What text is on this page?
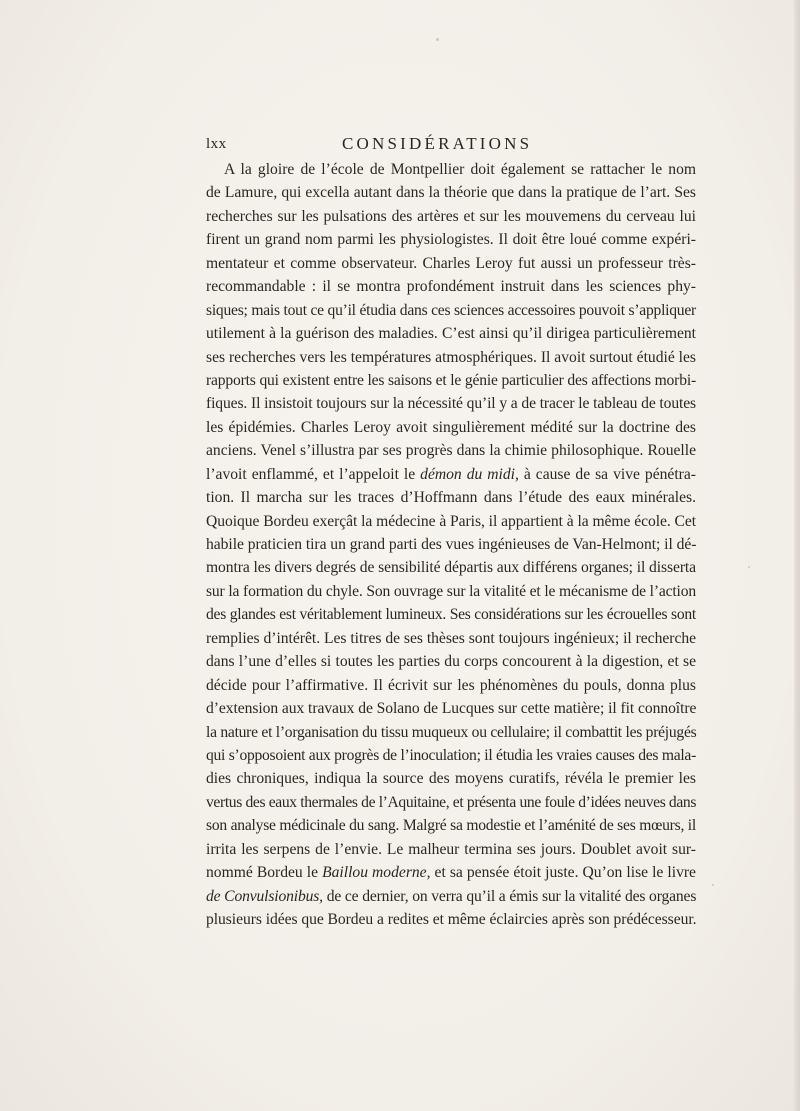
lxx	CONSIDÉRATIONS
A la gloire de l’école de Montpellier doit également se rattacher le nom
de Lamure, qui excella autant dans la théorie que dans la pratique de l’art. Ses
recherches sur les pulsations des artères et sur les mouvemens du cerveau lui
firent un grand nom parmi les physiologistes. Il doit être loué comme expéri-
mentateur et comme observateur. Charles Leroy fut aussi un professeur très-
recommandable : il se montra profondément instruit dans les sciences phy-
siques; mais tout ce qu’il étudia dans ces sciences accessoires pouvoit s’appliquer
utilement à la guérison des maladies. C’est ainsi qu’il dirigea particulièrement
ses recherches vers les températures atmosphériques. Il avoit surtout étudié les
rapports qui existent entre les saisons et le génie particulier des affections morbi-
fiques. Il insistoit toujours sur la nécessité qu’il y a de tracer le tableau de toutes
les épidémies. Charles Leroy avoit singulièrement médité sur la doctrine des
anciens. Venel s’illustra par ses progrès dans la chimie philosophique. Rouelle
l’avoit enflammé, et l’appeloit le démon du midi, à cause de sa vive pénétra-
tion. Il marcha sur les traces d’Hoffmann dans l’étude des eaux minérales.
Quoique Bordeu exerçât la médecine à Paris, il appartient à la même école. Cet
habile praticien tira un grand parti des vues ingénieuses de Van-Helmont; il dé-
montra les divers degrés de sensibilité départis aux différens organes; il disserta
sur la formation du chyle. Son ouvrage sur la vitalité et le mécanisme de l’action
des glandes est véritablement lumineux. Ses considérations sur les écrouelles sont
remplies d’intérêt. Les titres de ses thèses sont toujours ingénieux; il recherche
dans l’une d’elles si toutes les parties du corps concourent à la digestion, et se
décide pour l’affirmative. Il écrivit sur les phénomènes du pouls, donna plus
d’extension aux travaux de Solano de Lucques sur cette matière; il fit connoître
la nature et l’organisation du tissu muqueux ou cellulaire; il combattit les préjugés
qui s’opposoient aux progrès de l’inoculation; il étudia les vraies causes des mala-
dies chroniques, indiqua la source des moyens curatifs, révéla le premier les
vertus des eaux thermales de l’Aquitaine, et présenta une foule d’idées neuves dans
son analyse médicinale du sang. Malgré sa modestie et l’aménité de ses mœurs, il
irrita les serpens de l’envie. Le malheur termina ses jours. Doublet avoit sur-
nommé Bordeu le Baillou moderne, et sa pensée étoit juste. Qu’on lise le livre
de Convulsionibus, de ce dernier, on verra qu’il a émis sur la vitalité des organes
plusieurs idées que Bordeu a redites et même éclaircies après son prédécesseur.
